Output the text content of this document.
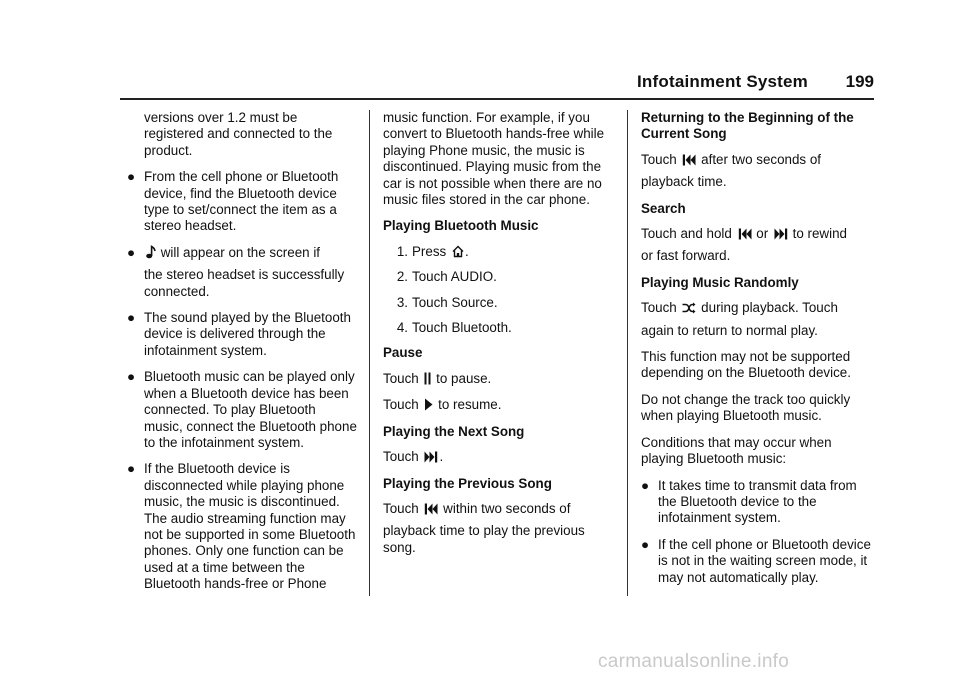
Infotainment System 199

versions over 1.2 must be registered and connected to the product.

● From the cell phone or Bluetooth device, find the Bluetooth device type to set/connect the item as a stereo headset.
●	will appear on the screen if
the stereo headset is successfully connected.
● The sound played by the Bluetooth device is delivered through the infotainment system.
● Bluetooth music can be played only when a Bluetooth device has been connected. To play Bluetooth music, connect the Bluetooth phone to the infotainment system.
● If the Bluetooth device is disconnected while playing phone music, the music is discontinued. The audio streaming function may not be supported in some Bluetooth phones. Only one function can be used at a time between the Bluetooth hands-free or Phone

music function. For example, if you convert to Bluetooth hands-free while playing Phone music, the music is discontinued. Playing music from the car is not possible when there are no music files stored in the car phone.

Playing Bluetooth Music

1. Press
.
2. Touch AUDIO.
3. Touch Source.
4. Touch Bluetooth.

Pause

Touch
to pause.

Touch
to resume.

Playing the Next Song

Touch
.

Playing the Previous Song

Touch
within two seconds of

playback time to play the previous song.

Returning to the Beginning of the Current Song

Touch
after two seconds of

playback time.

Search

Touch and hold
or
to rewind

or fast forward.

Playing Music Randomly

Touch
during playback. Touch

again to return to normal play.

This function may not be supported depending on the Bluetooth device.

Do not change the track too quickly when playing Bluetooth music.

Conditions that may occur when playing Bluetooth music:

● It takes time to transmit data from the Bluetooth device to the infotainment system.
● If the cell phone or Bluetooth device is not in the waiting screen mode, it may not automatically play.
carmanualsonline.info
